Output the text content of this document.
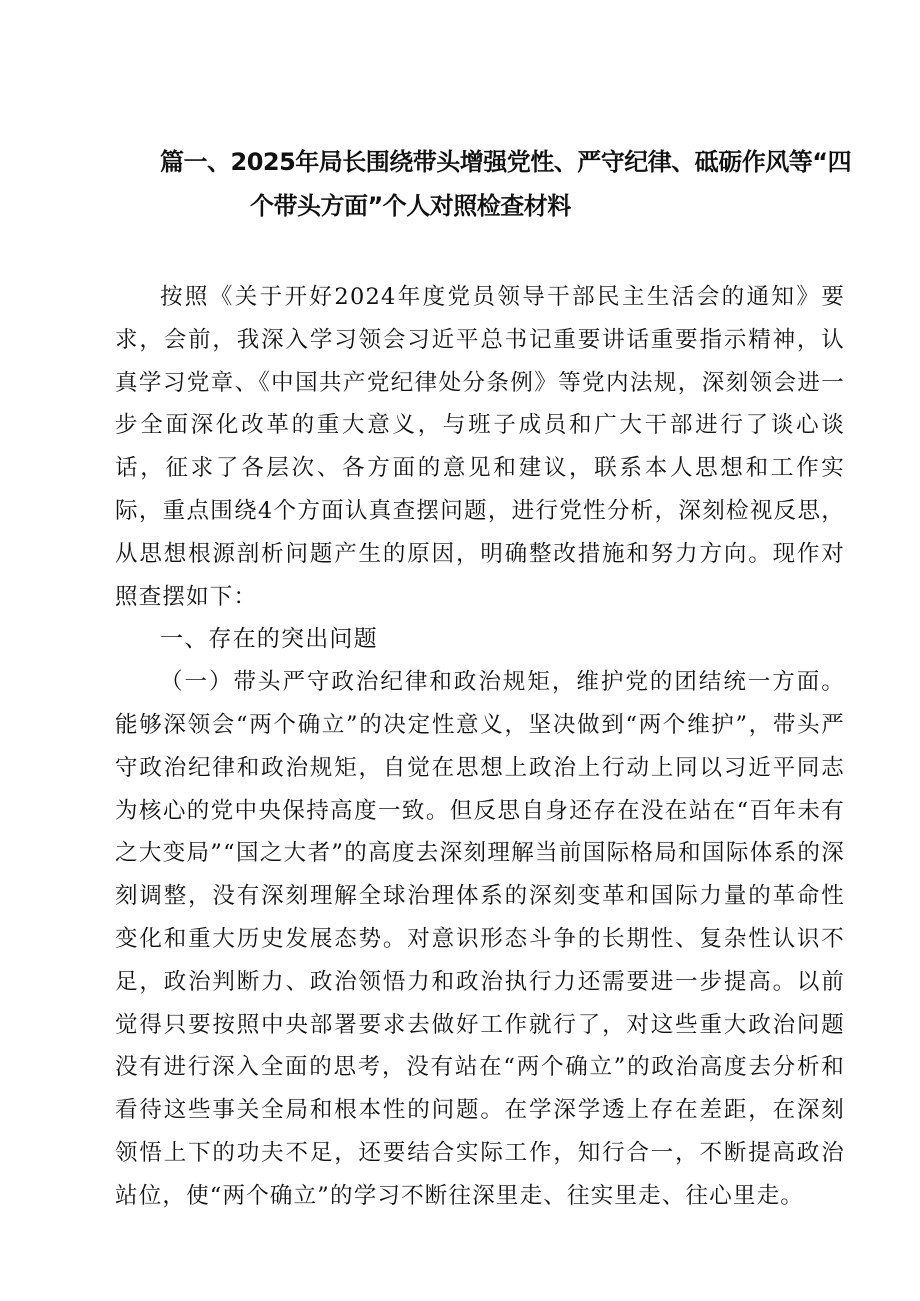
篇一、2025年局长围绕带头增强党性、严守纪律、砥砺作风等“四
个带头方面”个人对照检查材料

按照《关于开好2024年度党员领导干部民主生活会的通知》要求，会前，我深入学习领会习近平总书记重要讲话重要指示精神，认真学习党章、《中国共产党纪律处分条例》等党内法规，深刻领会进一步全面深化改革的重大意义，与班子成员和广大干部进行了谈心谈话，征求了各层次、各方面的意见和建议，联系本人思想和工作实际，重点围绕4个方面认真查摆问题，进行党性分析，深刻检视反思，从思想根源剖析问题产生的原因，明确整改措施和努力方向。现作对照查摆如下：

一、存在的突出问题

（一）带头严守政治纪律和政治规矩，维护党的团结统一方面。能够深领会“两个确立”的决定性意义，坚决做到“两个维护”，带头严守政治纪律和政治规矩，自觉在思想上政治上行动上同以习近平同志为核心的党中央保持高度一致。但反思自身还存在没在站在“百年未有之大变局”“国之大者”的高度去深刻理解当前国际格局和国际体系的深刻调整，没有深刻理解全球治理体系的深刻变革和国际力量的革命性变化和重大历史发展态势。对意识形态斗争的长期性、复杂性认识不足，政治判断力、政治领悟力和政治执行力还需要进一步提高。以前觉得只要按照中央部署要求去做好工作就行了，对这些重大政治问题没有进行深入全面的思考，没有站在“两个确立”的政治高度去分析和看待这些事关全局和根本性的问题。在学深学透上存在差距，在深刻领悟上下的功夫不足，还要结合实际工作，知行合一，不断提高政治站位，使“两个确立”的学习不断往深里走、往实里走、往心里走。
